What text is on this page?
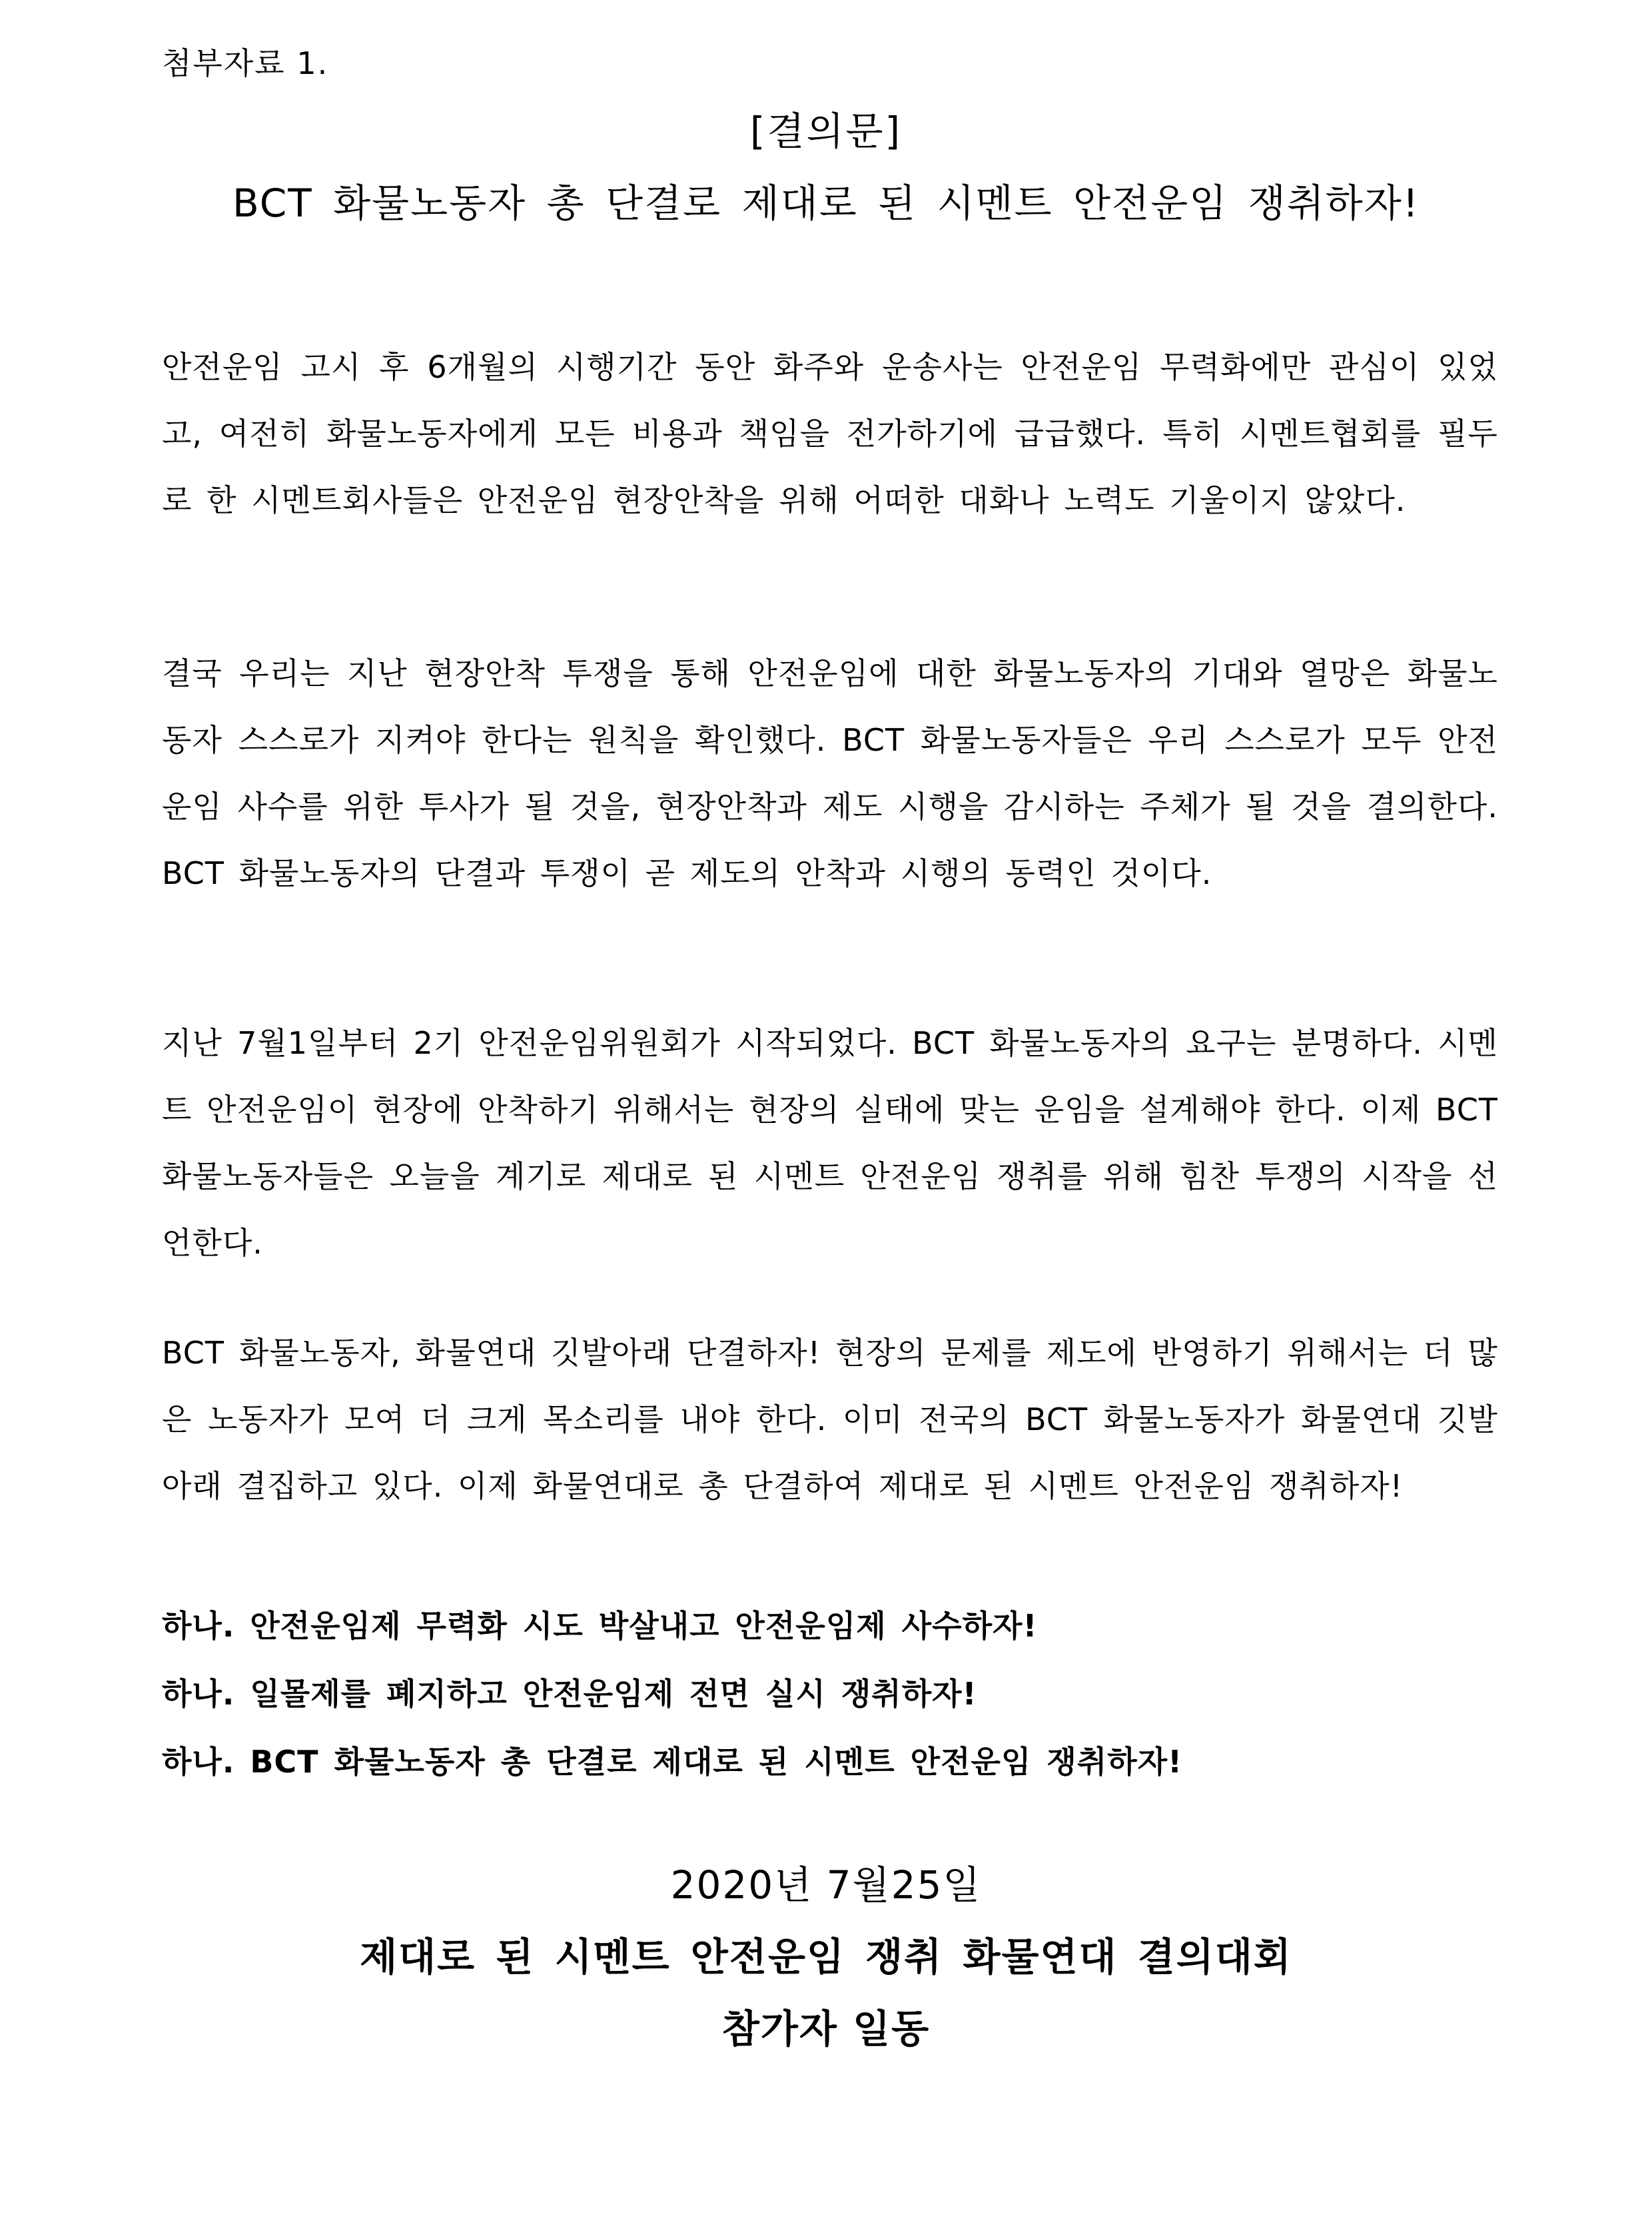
첨부자료 1.
[결의문]
BCT 화물노동자 총 단결로 제대로 된 시멘트 안전운임 쟁취하자!

안전운임 고시 후 6개월의 시행기간 동안 화주와 운송사는 안전운임 무력화에만 관심이 있었고, 여전히 화물노동자에게 모든 비용과 책임을 전가하기에 급급했다. 특히 시멘트협회를 필두로 한 시멘트회사들은 안전운임 현장안착을 위해 어떠한 대화나 노력도 기울이지 않았다.

결국 우리는 지난 현장안착 투쟁을 통해 안전운임에 대한 화물노동자의 기대와 열망은 화물노동자 스스로가 지켜야 한다는 원칙을 확인했다. BCT 화물노동자들은 우리 스스로가 모두 안전운임 사수를 위한 투사가 될 것을, 현장안착과 제도 시행을 감시하는 주체가 될 것을 결의한다. BCT 화물노동자의 단결과 투쟁이 곧 제도의 안착과 시행의 동력인 것이다.

지난 7월1일부터 2기 안전운임위원회가 시작되었다. BCT 화물노동자의 요구는 분명하다. 시멘트 안전운임이 현장에 안착하기 위해서는 현장의 실태에 맞는 운임을 설계해야 한다. 이제 BCT 화물노동자들은 오늘을 계기로 제대로 된 시멘트 안전운임 쟁취를 위해 힘찬 투쟁의 시작을 선언한다.

BCT 화물노동자, 화물연대 깃발아래 단결하자! 현장의 문제를 제도에 반영하기 위해서는 더 많은 노동자가 모여 더 크게 목소리를 내야 한다. 이미 전국의 BCT 화물노동자가 화물연대 깃발아래 결집하고 있다. 이제 화물연대로 총 단결하여 제대로 된 시멘트 안전운임 쟁취하자!

하나. 안전운임제 무력화 시도 박살내고 안전운임제 사수하자!
하나. 일몰제를 폐지하고 안전운임제 전면 실시 쟁취하자!
하나. BCT 화물노동자 총 단결로 제대로 된 시멘트 안전운임 쟁취하자!
2020년 7월25일
제대로 된 시멘트 안전운임 쟁취 화물연대 결의대회
참가자 일동
